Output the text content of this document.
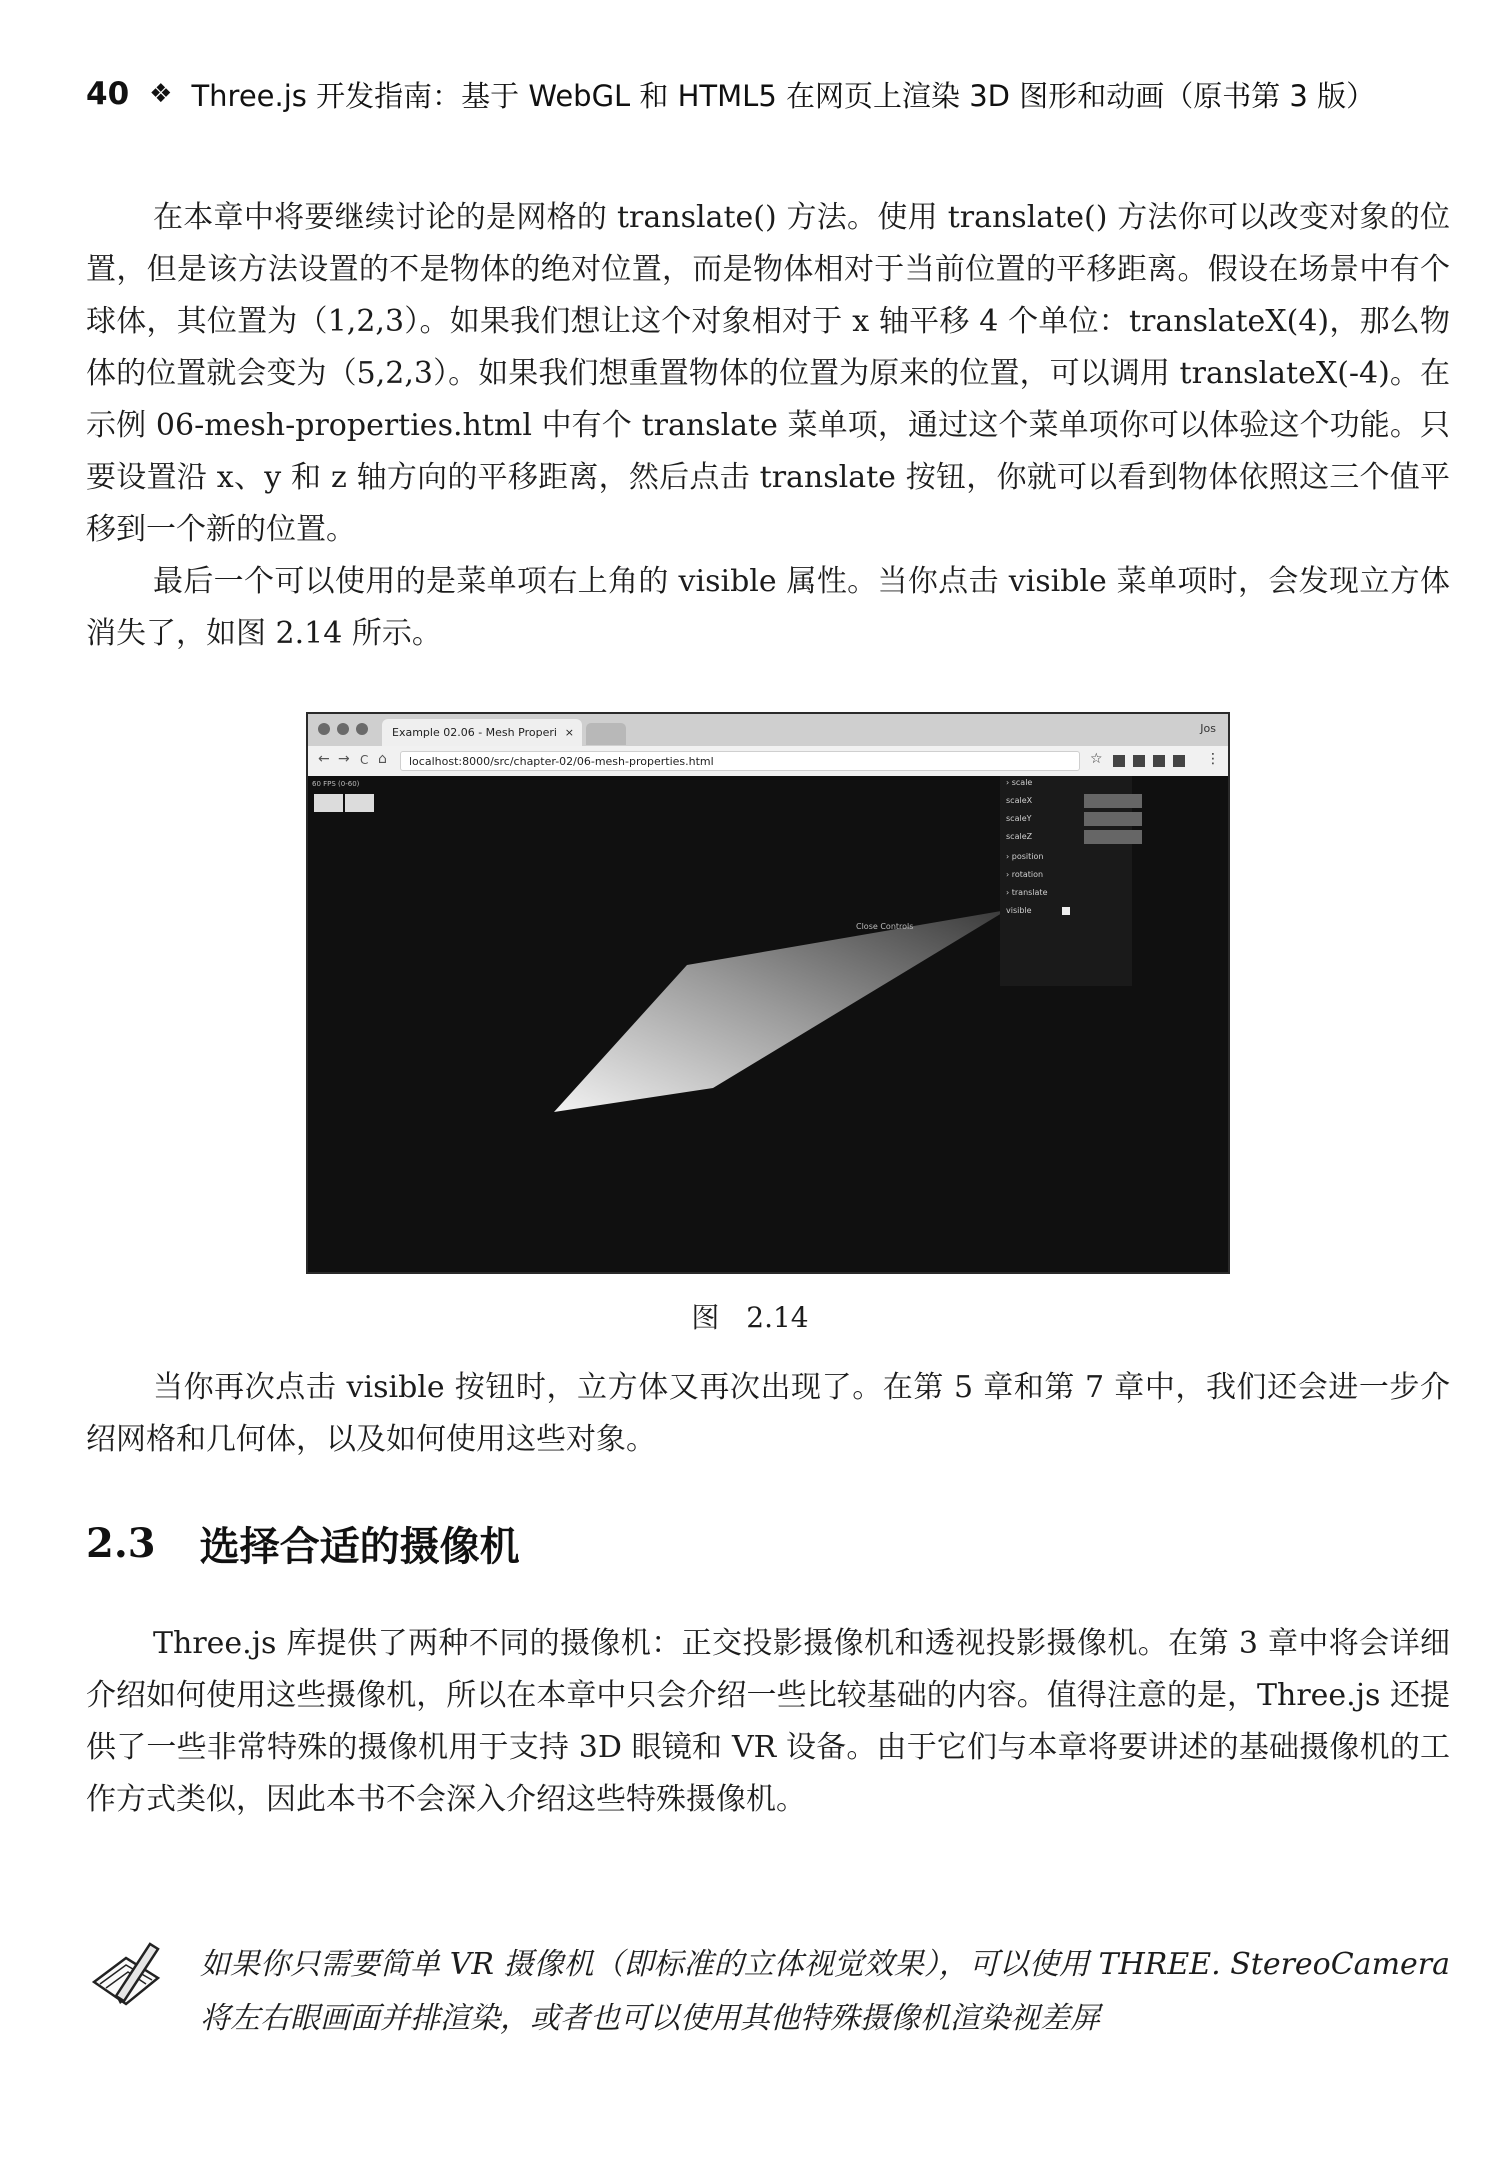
40 ❖ Three.js 开发指南：基于 WebGL 和 HTML5 在网页上渲染 3D 图形和动画（原书第 3 版）

在本章中将要继续讨论的是网格的 translate() 方法。使用 translate() 方法你可以改变对象的位置，但是该方法设置的不是物体的绝对位置，而是物体相对于当前位置的平移距离。假设在场景中有个球体，其位置为（1,2,3）。如果我们想让这个对象相对于 x 轴平移 4 个单位：translateX(4)，那么物体的位置就会变为（5,2,3）。如果我们想重置物体的位置为原来的位置，可以调用 translateX(-4)。在示例 06-mesh-properties.html 中有个 translate 菜单项，通过这个菜单项你可以体验这个功能。只要设置沿 x、y 和 z 轴方向的平移距离，然后点击 translate 按钮，你就可以看到物体依照这三个值平移到一个新的位置。

最后一个可以使用的是菜单项右上角的 visible 属性。当你点击 visible 菜单项时，会发现立方体消失了，如图 2.14 所示。

Example 02.06 - Mesh Properi ×	Jos
← → C ⌂	localhost:8000/src/chapter-02/06-mesh-properties.html	☆	⋮
60 FPS (0-60)	› scale
scaleX
scaleY
scaleZ
› position
› rotation
› translate
visible
Close Controls
图 2.14

当你再次点击 visible 按钮时，立方体又再次出现了。在第 5 章和第 7 章中，我们还会进一步介绍网格和几何体，以及如何使用这些对象。

2.3 选择合适的摄像机

Three.js 库提供了两种不同的摄像机：正交投影摄像机和透视投影摄像机。在第 3 章中将会详细介绍如何使用这些摄像机，所以在本章中只会介绍一些比较基础的内容。值得注意的是，Three.js 还提供了一些非常特殊的摄像机用于支持 3D 眼镜和 VR 设备。由于它们与本章将要讲述的基础摄像机的工作方式类似，因此本书不会深入介绍这些特殊摄像机。

如果你只需要简单 VR 摄像机（即标准的立体视觉效果），可以使用 THREE. StereoCamera 将左右眼画面并排渲染，或者也可以使用其他特殊摄像机渲染视差屏
